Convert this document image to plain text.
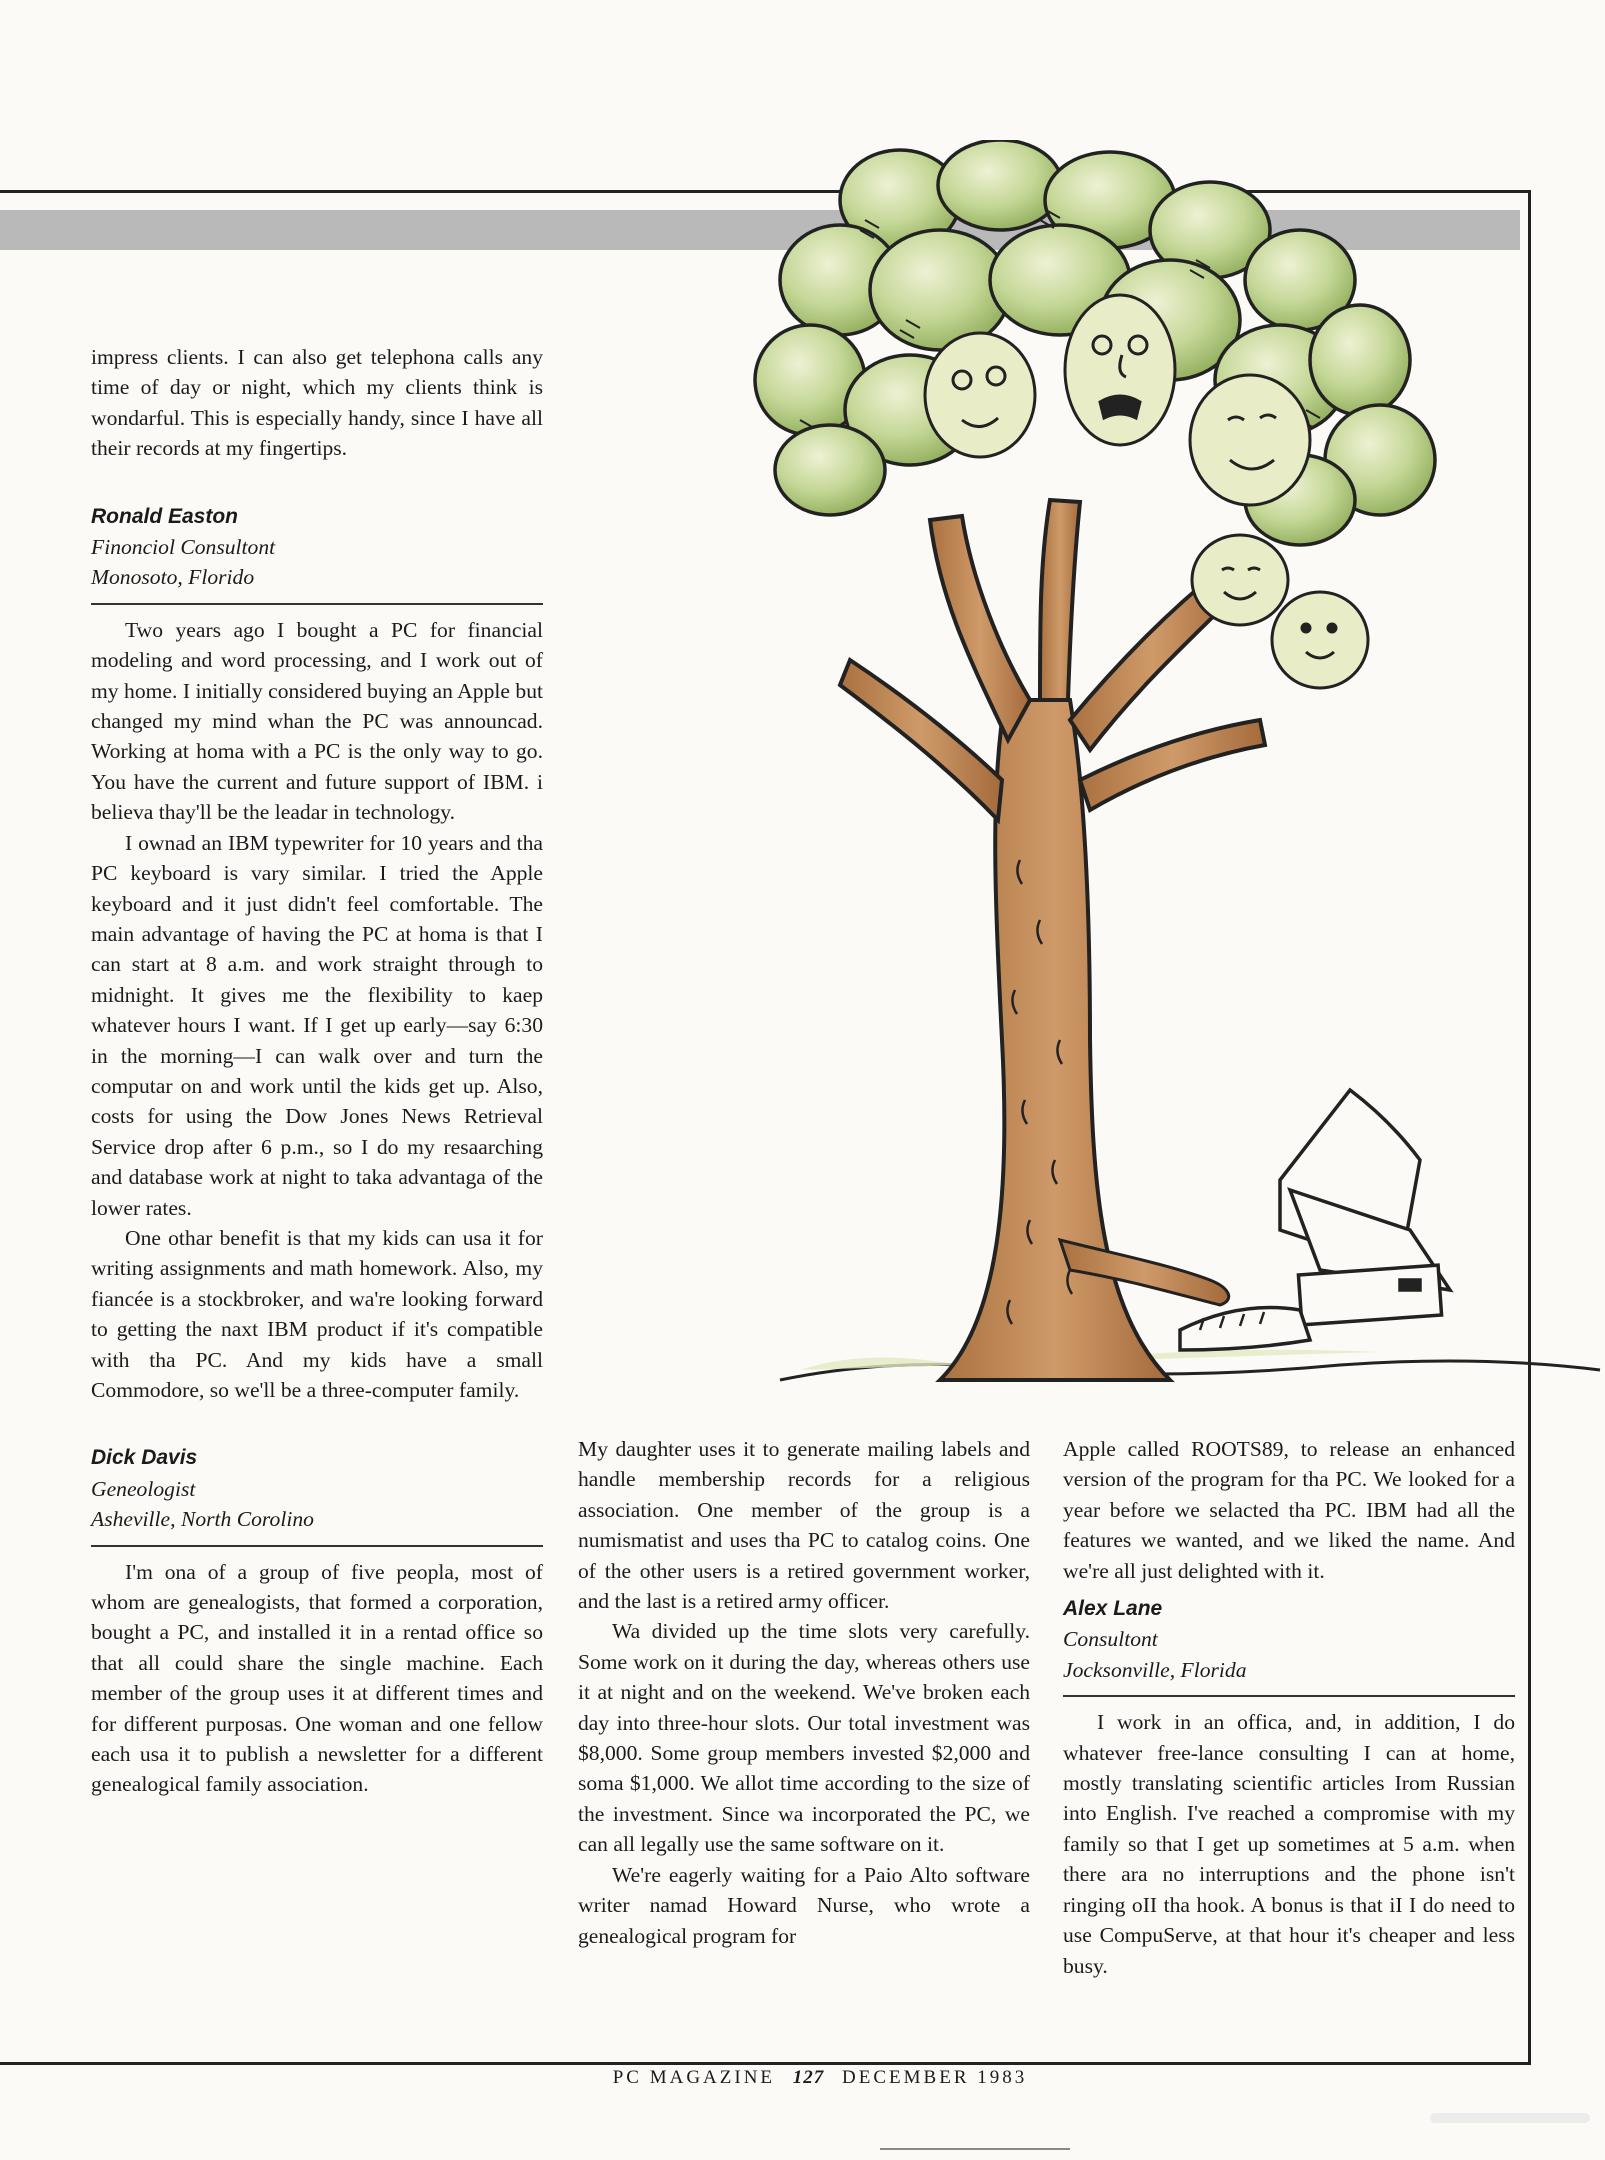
impress clients. I can also get telephona calls any time of day or night, which my clients think is wondarful. This is especially handy, since I have all their records at my fingertips.

Ronald Easton
Finonciol Consultont
Monosoto, Florido

Two years ago I bought a PC for financial modeling and word processing, and I work out of my home. I initially considered buying an Apple but changed my mind whan the PC was announcad. Working at homa with a PC is the only way to go. You have the current and future support of IBM. i believa thay'll be the leadar in technology.

I ownad an IBM typewriter for 10 years and tha PC keyboard is vary similar. I tried the Apple keyboard and it just didn't feel comfortable. The main advantage of having the PC at homa is that I can start at 8 a.m. and work straight through to midnight. It gives me the flexibility to kaep whatever hours I want. If I get up early—say 6:30 in the morning—I can walk over and turn the computar on and work until the kids get up. Also, costs for using the Dow Jones News Retrieval Service drop after 6 p.m., so I do my resaarching and database work at night to taka advantaga of the lower rates.

One othar benefit is that my kids can usa it for writing assignments and math homework. Also, my fiancée is a stockbroker, and wa're looking forward to getting the naxt IBM product if it's compatible with tha PC. And my kids have a small Commodore, so we'll be a three-computer family.

Dick Davis
Geneologist
Asheville, North Corolino

I'm ona of a group of five peopla, most of whom are genealogists, that formed a corporation, bought a PC, and installed it in a rentad office so that all could share the single machine. Each member of the group uses it at different times and for different purposas. One woman and one fellow each usa it to publish a newsletter for a different genealogical family association.

My daughter uses it to generate mailing labels and handle membership records for a religious association. One member of the group is a numismatist and uses tha PC to catalog coins. One of the other users is a retired government worker, and the last is a retired army officer.

Wa divided up the time slots very carefully. Some work on it during the day, whereas others use it at night and on the weekend. We've broken each day into three-hour slots. Our total investment was $8,000. Some group members invested $2,000 and soma $1,000. We allot time according to the size of the investment. Since wa incorporated the PC, we can all legally use the same software on it.

We're eagerly waiting for a Paio Alto software writer namad Howard Nurse, who wrote a genealogical program for

Apple called ROOTS89, to release an enhanced version of the program for tha PC. We looked for a year before we selacted tha PC. IBM had all the features we wanted, and we liked the name. And we're all just delighted with it.

Alex Lane
Consultont
Jocksonville, Florida

I work in an offica, and, in addition, I do whatever free-lance consulting I can at home, mostly translating scientific articles Irom Russian into English. I've reached a compromise with my family so that I get up sometimes at 5 a.m. when there ara no interruptions and the phone isn't ringing oII tha hook. A bonus is that iI I do need to use CompuServe, at that hour it's cheaper and less busy.

PC MAGAZINE 127 DECEMBER 1983
